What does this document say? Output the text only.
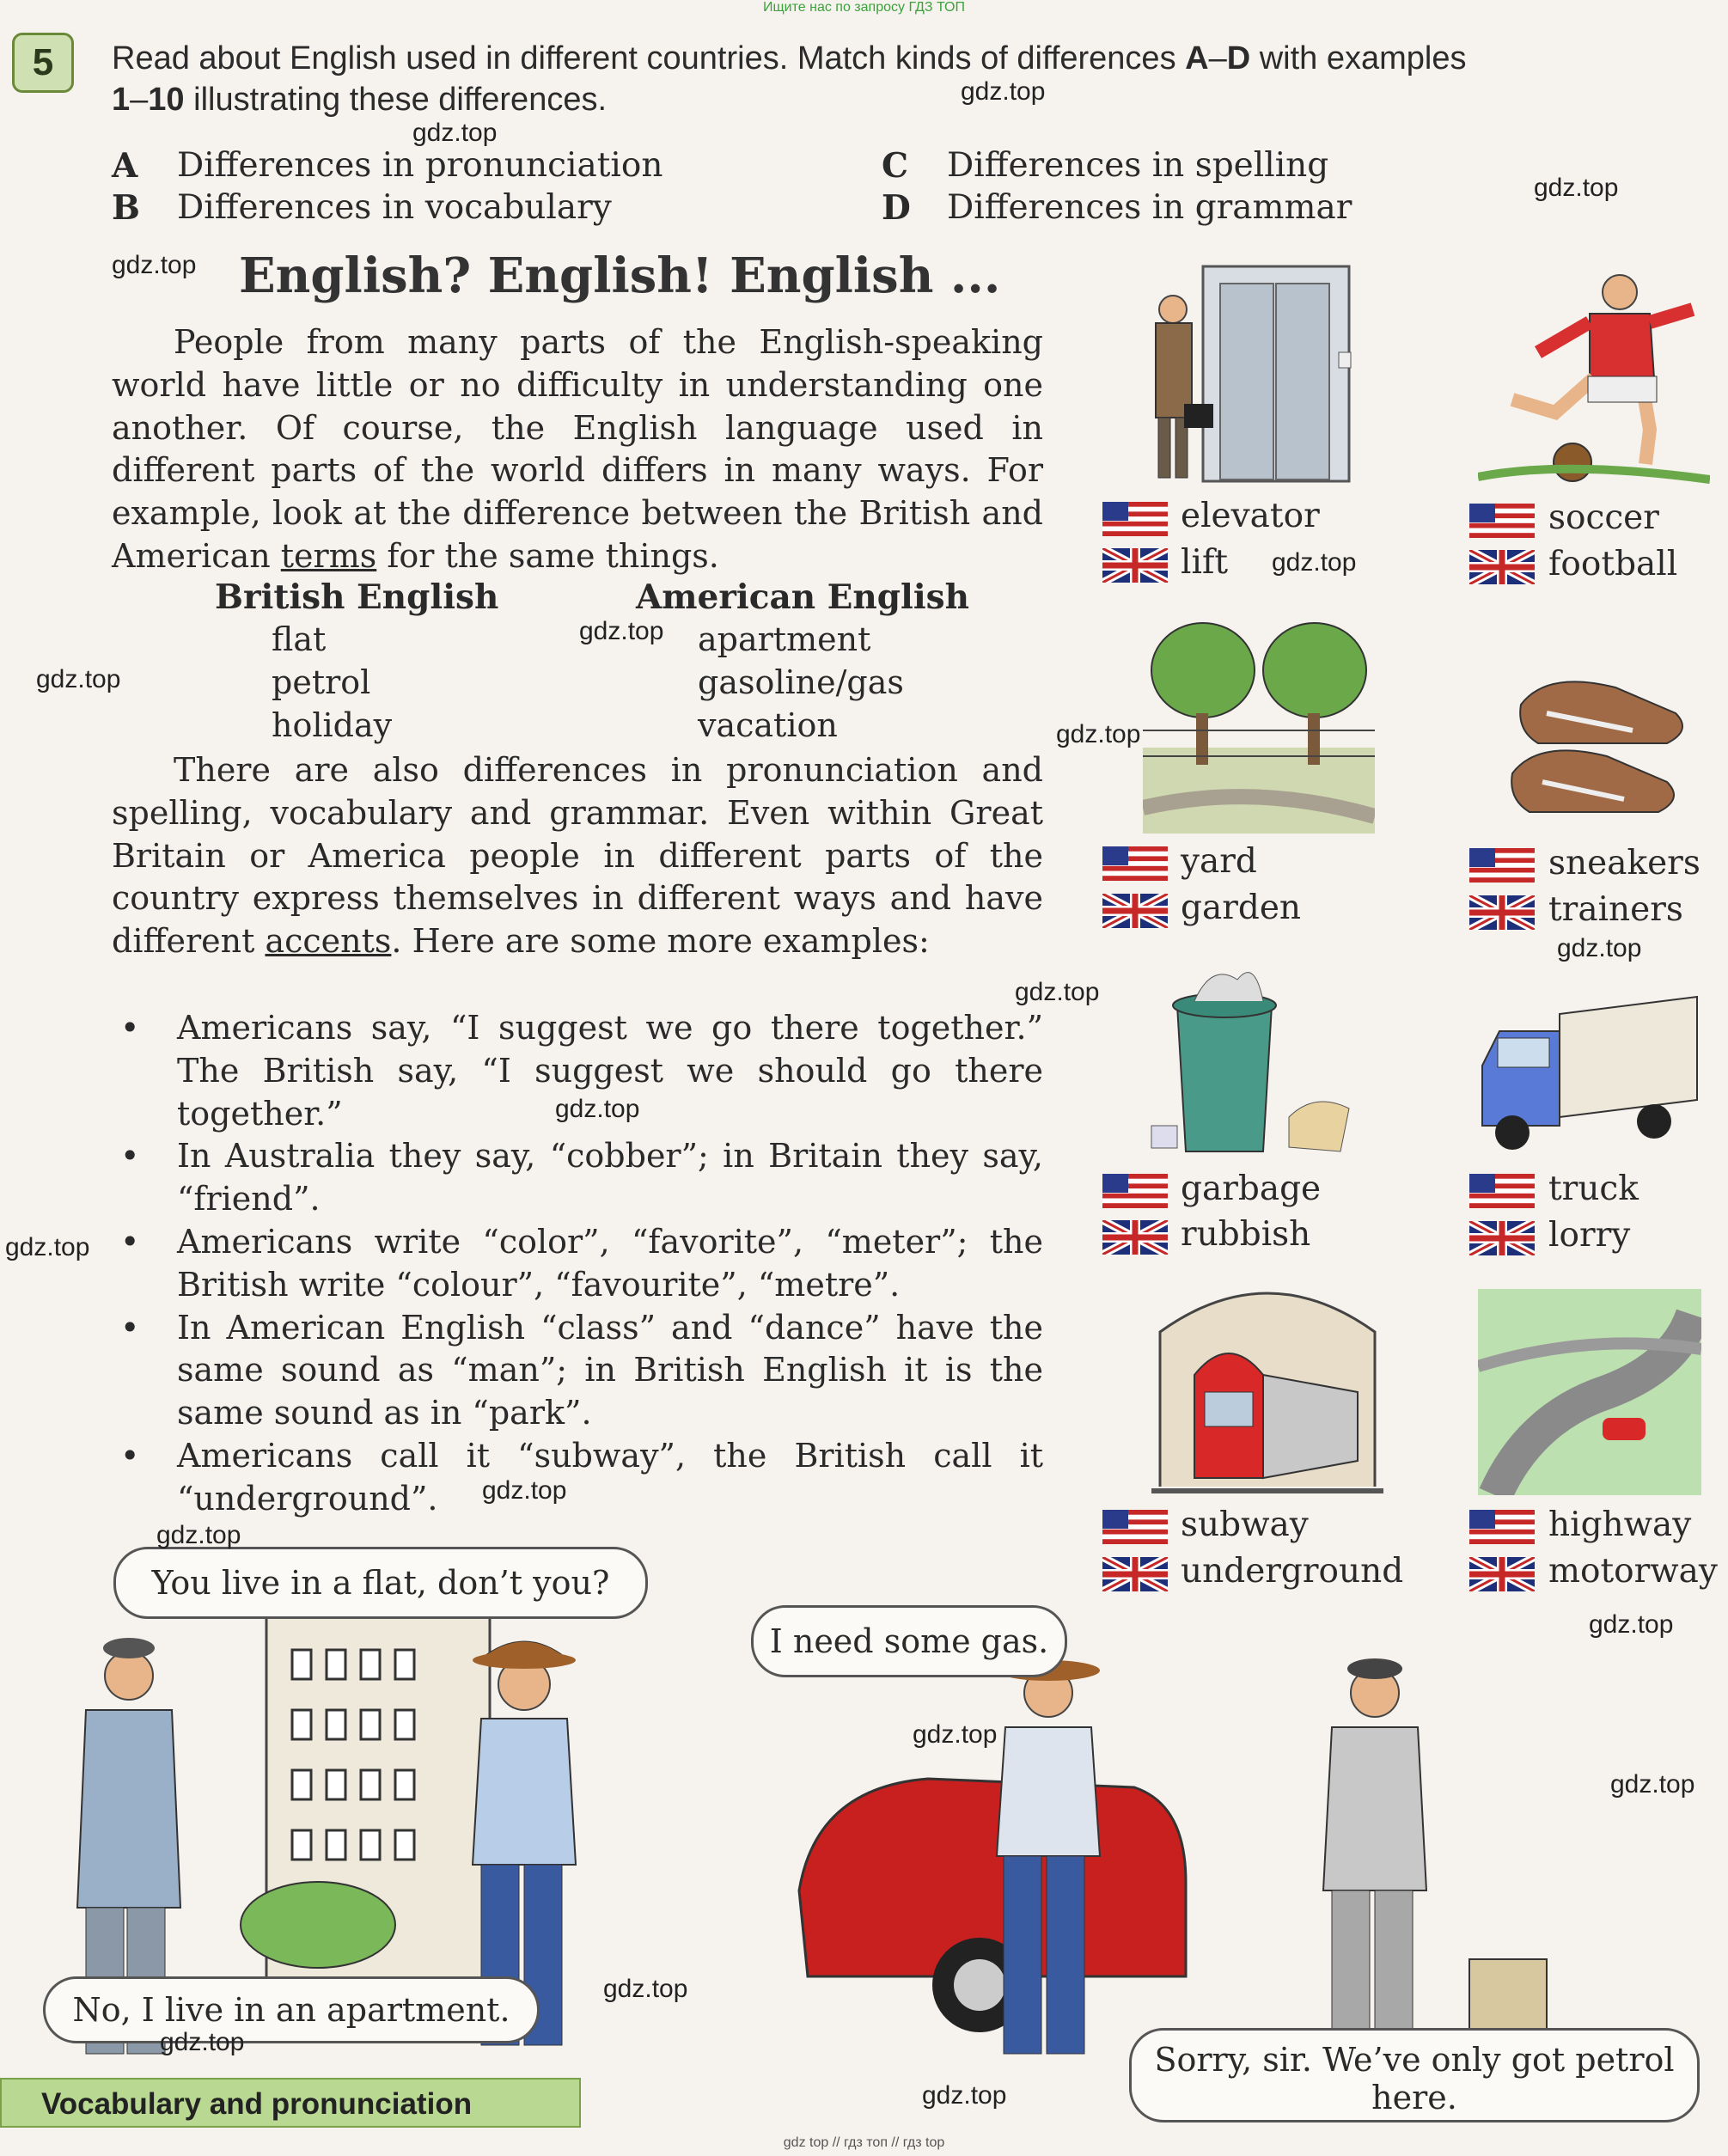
Ищите нас по запросу ГДЗ ТОП
5	Read about English used in different countries. Match kinds of differences A–D with examples
1–10 illustrating these differences.
A Differences in pronunciation
B Differences in vocabulary
C Differences in spelling
D Differences in grammar
English? English! English ...

People from many parts of the English-speaking world have little or no difficulty in understanding one another. Of course, the English language used in different parts of the world differs in many ways. For example, look at the difference between the British and American terms for the same things.

British English	American English
flat	apartment
petrol	gasoline/gas
holiday	vacation

There are also differences in pronunciation and spelling, vocabulary and grammar. Even within Great Britain or America people in different parts of the country express themselves in different ways and have different accents. Here are some more examples:

• Americans say, “I suggest we go there together.” The British say, “I suggest we should go there together.”
• In Australia they say, “cobber”; in Britain they say, “friend”.
• Americans write “color”, “favorite”, “meter”; the British write “colour”, “favourite”, “metre”.
• In American English “class” and “dance” have the same sound as “man”; in British English it is the same sound as in “park”.
• Americans call it “subway”, the British call it “underground”.
elevator
lift
soccer
football
yard
garden
sneakers
trainers
garbage
rubbish
truck
lorry
subway
underground
highway
motorway
You live in a flat, don’t you?
No, I live in an apartment.
I need some gas.
Sorry, sir. We’ve only got petrol
here.
Vocabulary and pronunciation
gdz.top
gdz.top
gdz.top
gdz.top
gdz.top
gdz.top
gdz.top
gdz.top
gdz.top
gdz.top
gdz.top
gdz.top
gdz.top
gdz.top
gdz.top
gdz.top
gdz.top
gdz.top
gdz.top
gdz.top
gdz top // гдз топ // гдз top
